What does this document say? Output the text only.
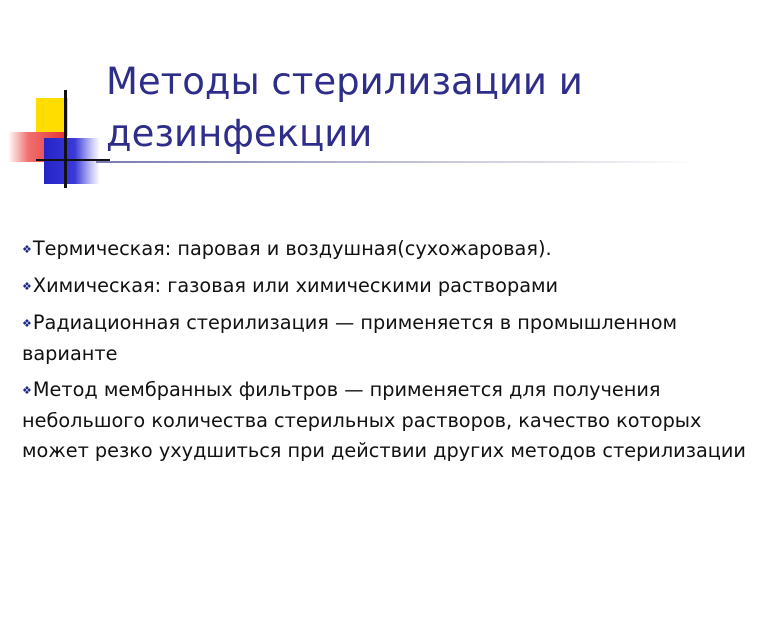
Методы стерилизации и
дезинфекции

❖Термическая: паровая и воздушная(сухожаровая).

❖Химическая: газовая или химическими растворами

❖Радиационная стерилизация — применяется в промышленном варианте

❖Метод мембранных фильтров — применяется для получения небольшого количества стерильных растворов, качество которых может резко ухудшиться при действии других методов стерилизации
